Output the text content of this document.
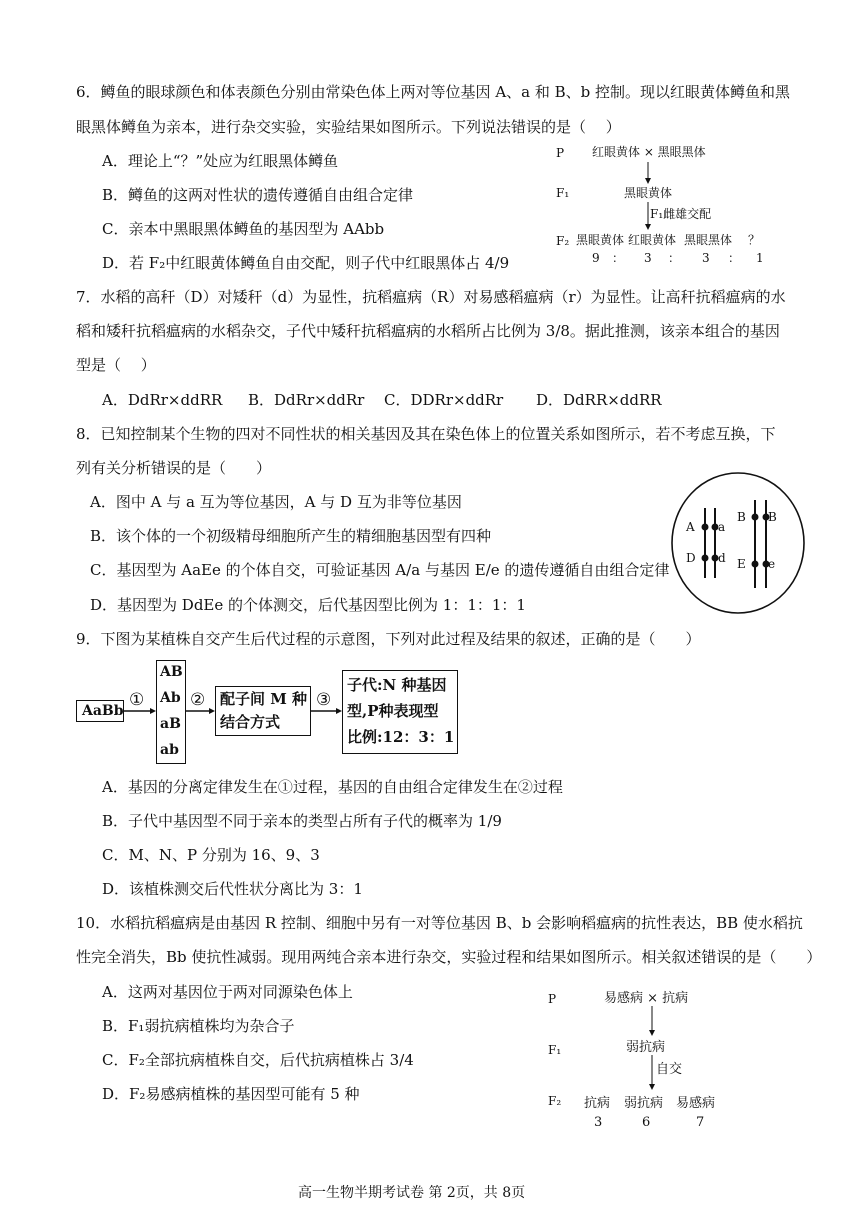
6．鳟鱼的眼球颜色和体表颜色分别由常染色体上两对等位基因 A、a 和 B、b 控制。现以红眼黄体鳟鱼和黑
眼黑体鳟鱼为亲本，进行杂交实验，实验结果如图所示。下列说法错误的是（　 ）
A．理论上“？”处应为红眼黑体鳟鱼
B．鳟鱼的这两对性状的遗传遵循自由组合定律
C．亲本中黑眼黑体鳟鱼的基因型为 AAbb
D．若 F₂中红眼黄体鳟鱼自由交配，则子代中红眼黑体占 4/9
P 红眼黄体 × 黑眼黑体
F₁	黑眼黄体
F₁雌雄交配
F₂ 黑眼黄体 红眼黄体 黑眼黑体 ？
9 ： 3 ： 3 ： 1
7．水稻的高秆（D）对矮秆（d）为显性，抗稻瘟病（R）对易感稻瘟病（r）为显性。让高秆抗稻瘟病的水
稻和矮秆抗稻瘟病的水稻杂交，子代中矮秆抗稻瘟病的水稻所占比例为 3/8。据此推测，该亲本组合的基因
型是（　 ）
A．DdRr×ddRR B．DdRr×ddRr C．DDRr×ddRr D．DdRR×ddRR
8．已知控制某个生物的四对不同性状的相关基因及其在染色体上的位置关系如图所示，若不考虑互换，下
列有关分析错误的是（　　）
A．图中 A 与 a 互为等位基因，A 与 D 互为非等位基因
B．该个体的一个初级精母细胞所产生的精细胞基因型有四种
C．基因型为 AaEe 的个体自交，可验证基因 A/a 与基因 E/e 的遗传遵循自由组合定律
D．基因型为 DdEe 的个体测交，后代基因型比例为 1：1：1：1
A a
D d
B B
E e
9．下图为某植株自交产生后代过程的示意图，下列对此过程及结果的叙述，正确的是（　　）
AaBb
①
AB
Ab
aB
ab
② 配子间 M 种
结合方式
③
子代:N 种基因
型,P种表现型
比例:12：3：1
A．基因的分离定律发生在①过程，基因的自由组合定律发生在②过程
B．子代中基因型不同于亲本的类型占所有子代的概率为 1/9
C．M、N、P 分别为 16、9、3
D．该植株测交后代性状分离比为 3：1
10．水稻抗稻瘟病是由基因 R 控制、细胞中另有一对等位基因 B、b 会影响稻瘟病的抗性表达，BB 使水稻抗
性完全消失，Bb 使抗性减弱。现用两纯合亲本进行杂交，实验过程和结果如图所示。相关叙述错误的是（　　）
A．这两对基因位于两对同源染色体上
B．F₁弱抗病植株均为杂合子
C．F₂全部抗病植株自交，后代抗病植株占 3/4
D．F₂易感病植株的基因型可能有 5 种
P	易感病 × 抗病
F₁	弱抗病
自交
F₂ 抗病 弱抗病 易感病
3	6	7
高一生物半期考试卷 第 2页，共 8页
